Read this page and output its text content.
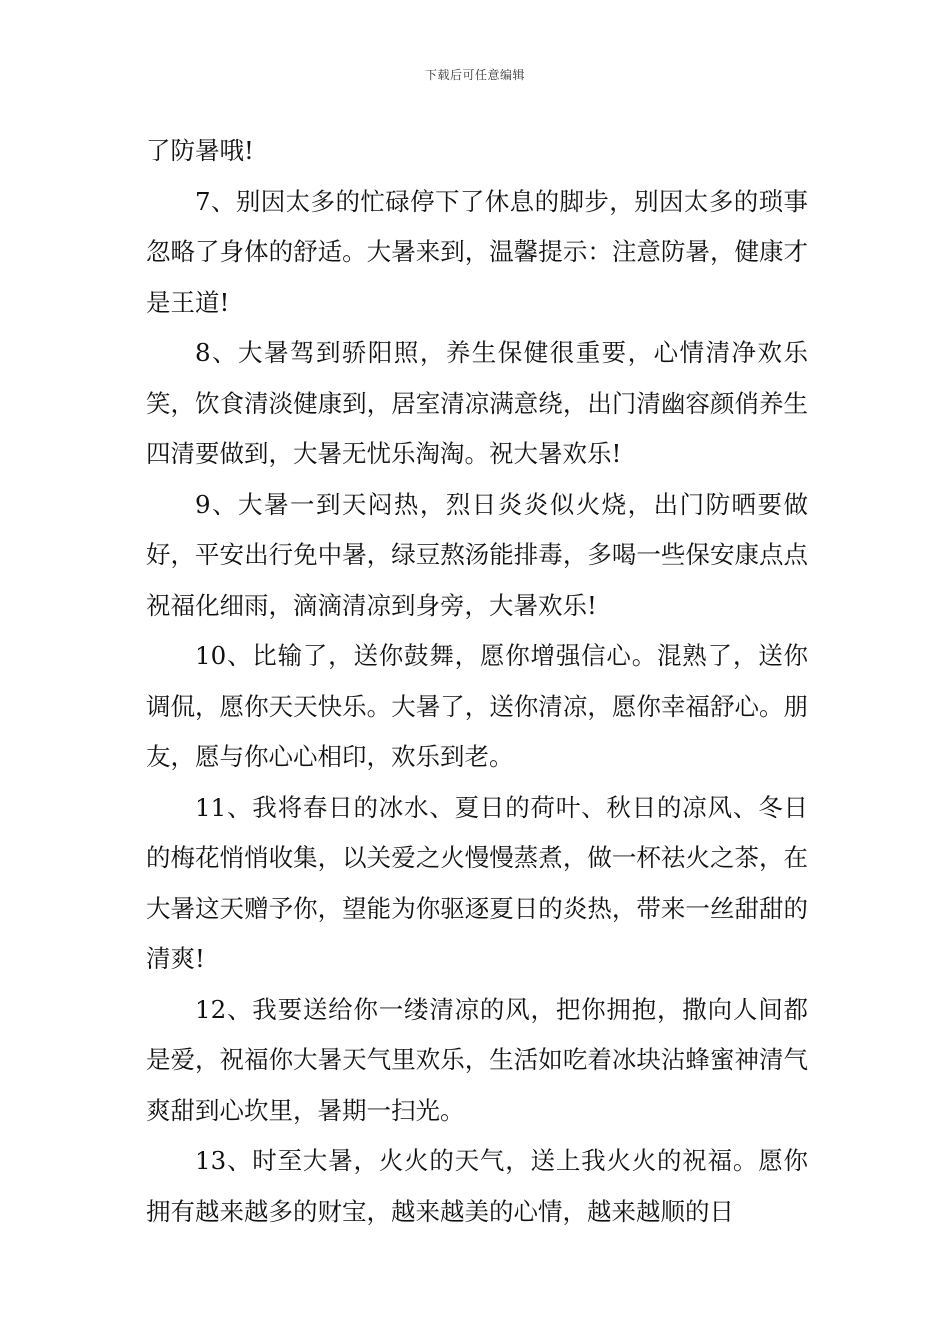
下载后可任意编辑

了防暑哦!

7、别因太多的忙碌停下了休息的脚步，别因太多的琐事忽略了身体的舒适。大暑来到，温馨提示：注意防暑，健康才是王道!

8、大暑驾到骄阳照，养生保健很重要，心情清净欢乐笑，饮食清淡健康到，居室清凉满意绕，出门清幽容颜俏养生四清要做到，大暑无忧乐淘淘。祝大暑欢乐!

9、大暑一到天闷热，烈日炎炎似火烧，出门防晒要做好，平安出行免中暑，绿豆熬汤能排毒，多喝一些保安康点点祝福化细雨，滴滴清凉到身旁，大暑欢乐!

10、比输了，送你鼓舞，愿你增强信心。混熟了，送你调侃，愿你天天快乐。大暑了，送你清凉，愿你幸福舒心。朋友，愿与你心心相印，欢乐到老。

11、我将春日的冰水、夏日的荷叶、秋日的凉风、冬日的梅花悄悄收集，以关爱之火慢慢蒸煮，做一杯祛火之茶，在大暑这天赠予你，望能为你驱逐夏日的炎热，带来一丝甜甜的清爽!

12、我要送给你一缕清凉的风，把你拥抱，撒向人间都是爱，祝福你大暑天气里欢乐，生活如吃着冰块沾蜂蜜神清气爽甜到心坎里，暑期一扫光。

13、时至大暑，火火的天气，送上我火火的祝福。愿你拥有越来越多的财宝，越来越美的心情，越来越顺的日
